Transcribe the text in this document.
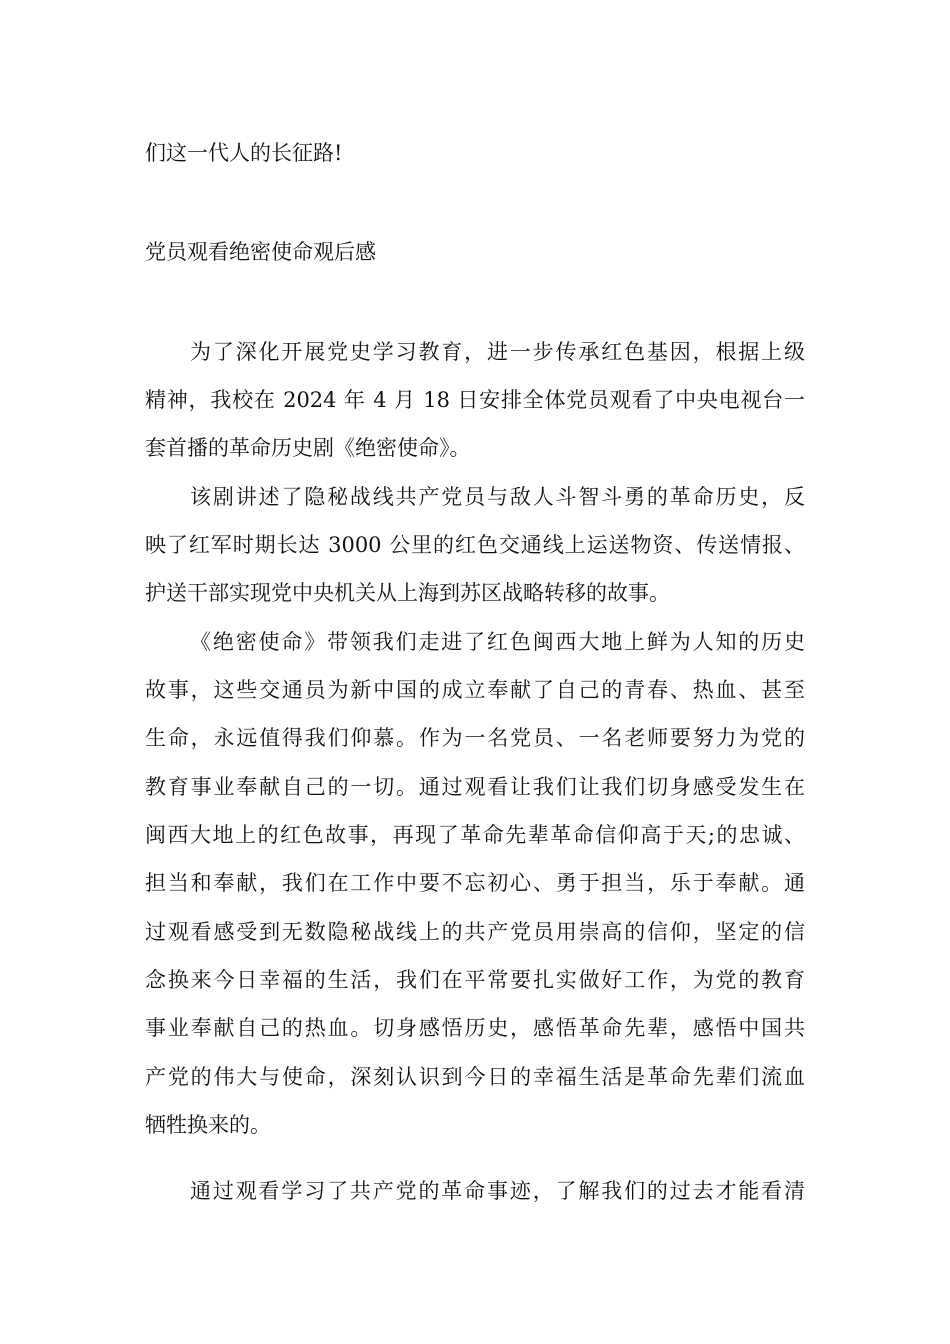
们这一代人的长征路!
党员观看绝密使命观后感
为了深化开展党史学习教育，进一步传承红色基因，根据上级
精神，我校在 2024 年 4 月 18 日安排全体党员观看了中央电视台一
套首播的革命历史剧《绝密使命》。
该剧讲述了隐秘战线共产党员与敌人斗智斗勇的革命历史，反
映了红军时期长达 3000 公里的红色交通线上运送物资、传送情报、
护送干部实现党中央机关从上海到苏区战略转移的故事。
《绝密使命》带领我们走进了红色闽西大地上鲜为人知的历史
故事，这些交通员为新中国的成立奉献了自己的青春、热血、甚至
生命，永远值得我们仰慕。作为一名党员、一名老师要努力为党的
教育事业奉献自己的一切。通过观看让我们让我们切身感受发生在
闽西大地上的红色故事，再现了革命先辈革命信仰高于天;的忠诚、
担当和奉献，我们在工作中要不忘初心、勇于担当，乐于奉献。通
过观看感受到无数隐秘战线上的共产党员用崇高的信仰，坚定的信
念换来今日幸福的生活，我们在平常要扎实做好工作，为党的教育
事业奉献自己的热血。切身感悟历史，感悟革命先辈，感悟中国共
产党的伟大与使命，深刻认识到今日的幸福生活是革命先辈们流血
牺牲换来的。
通过观看学习了共产党的革命事迹，了解我们的过去才能看清
